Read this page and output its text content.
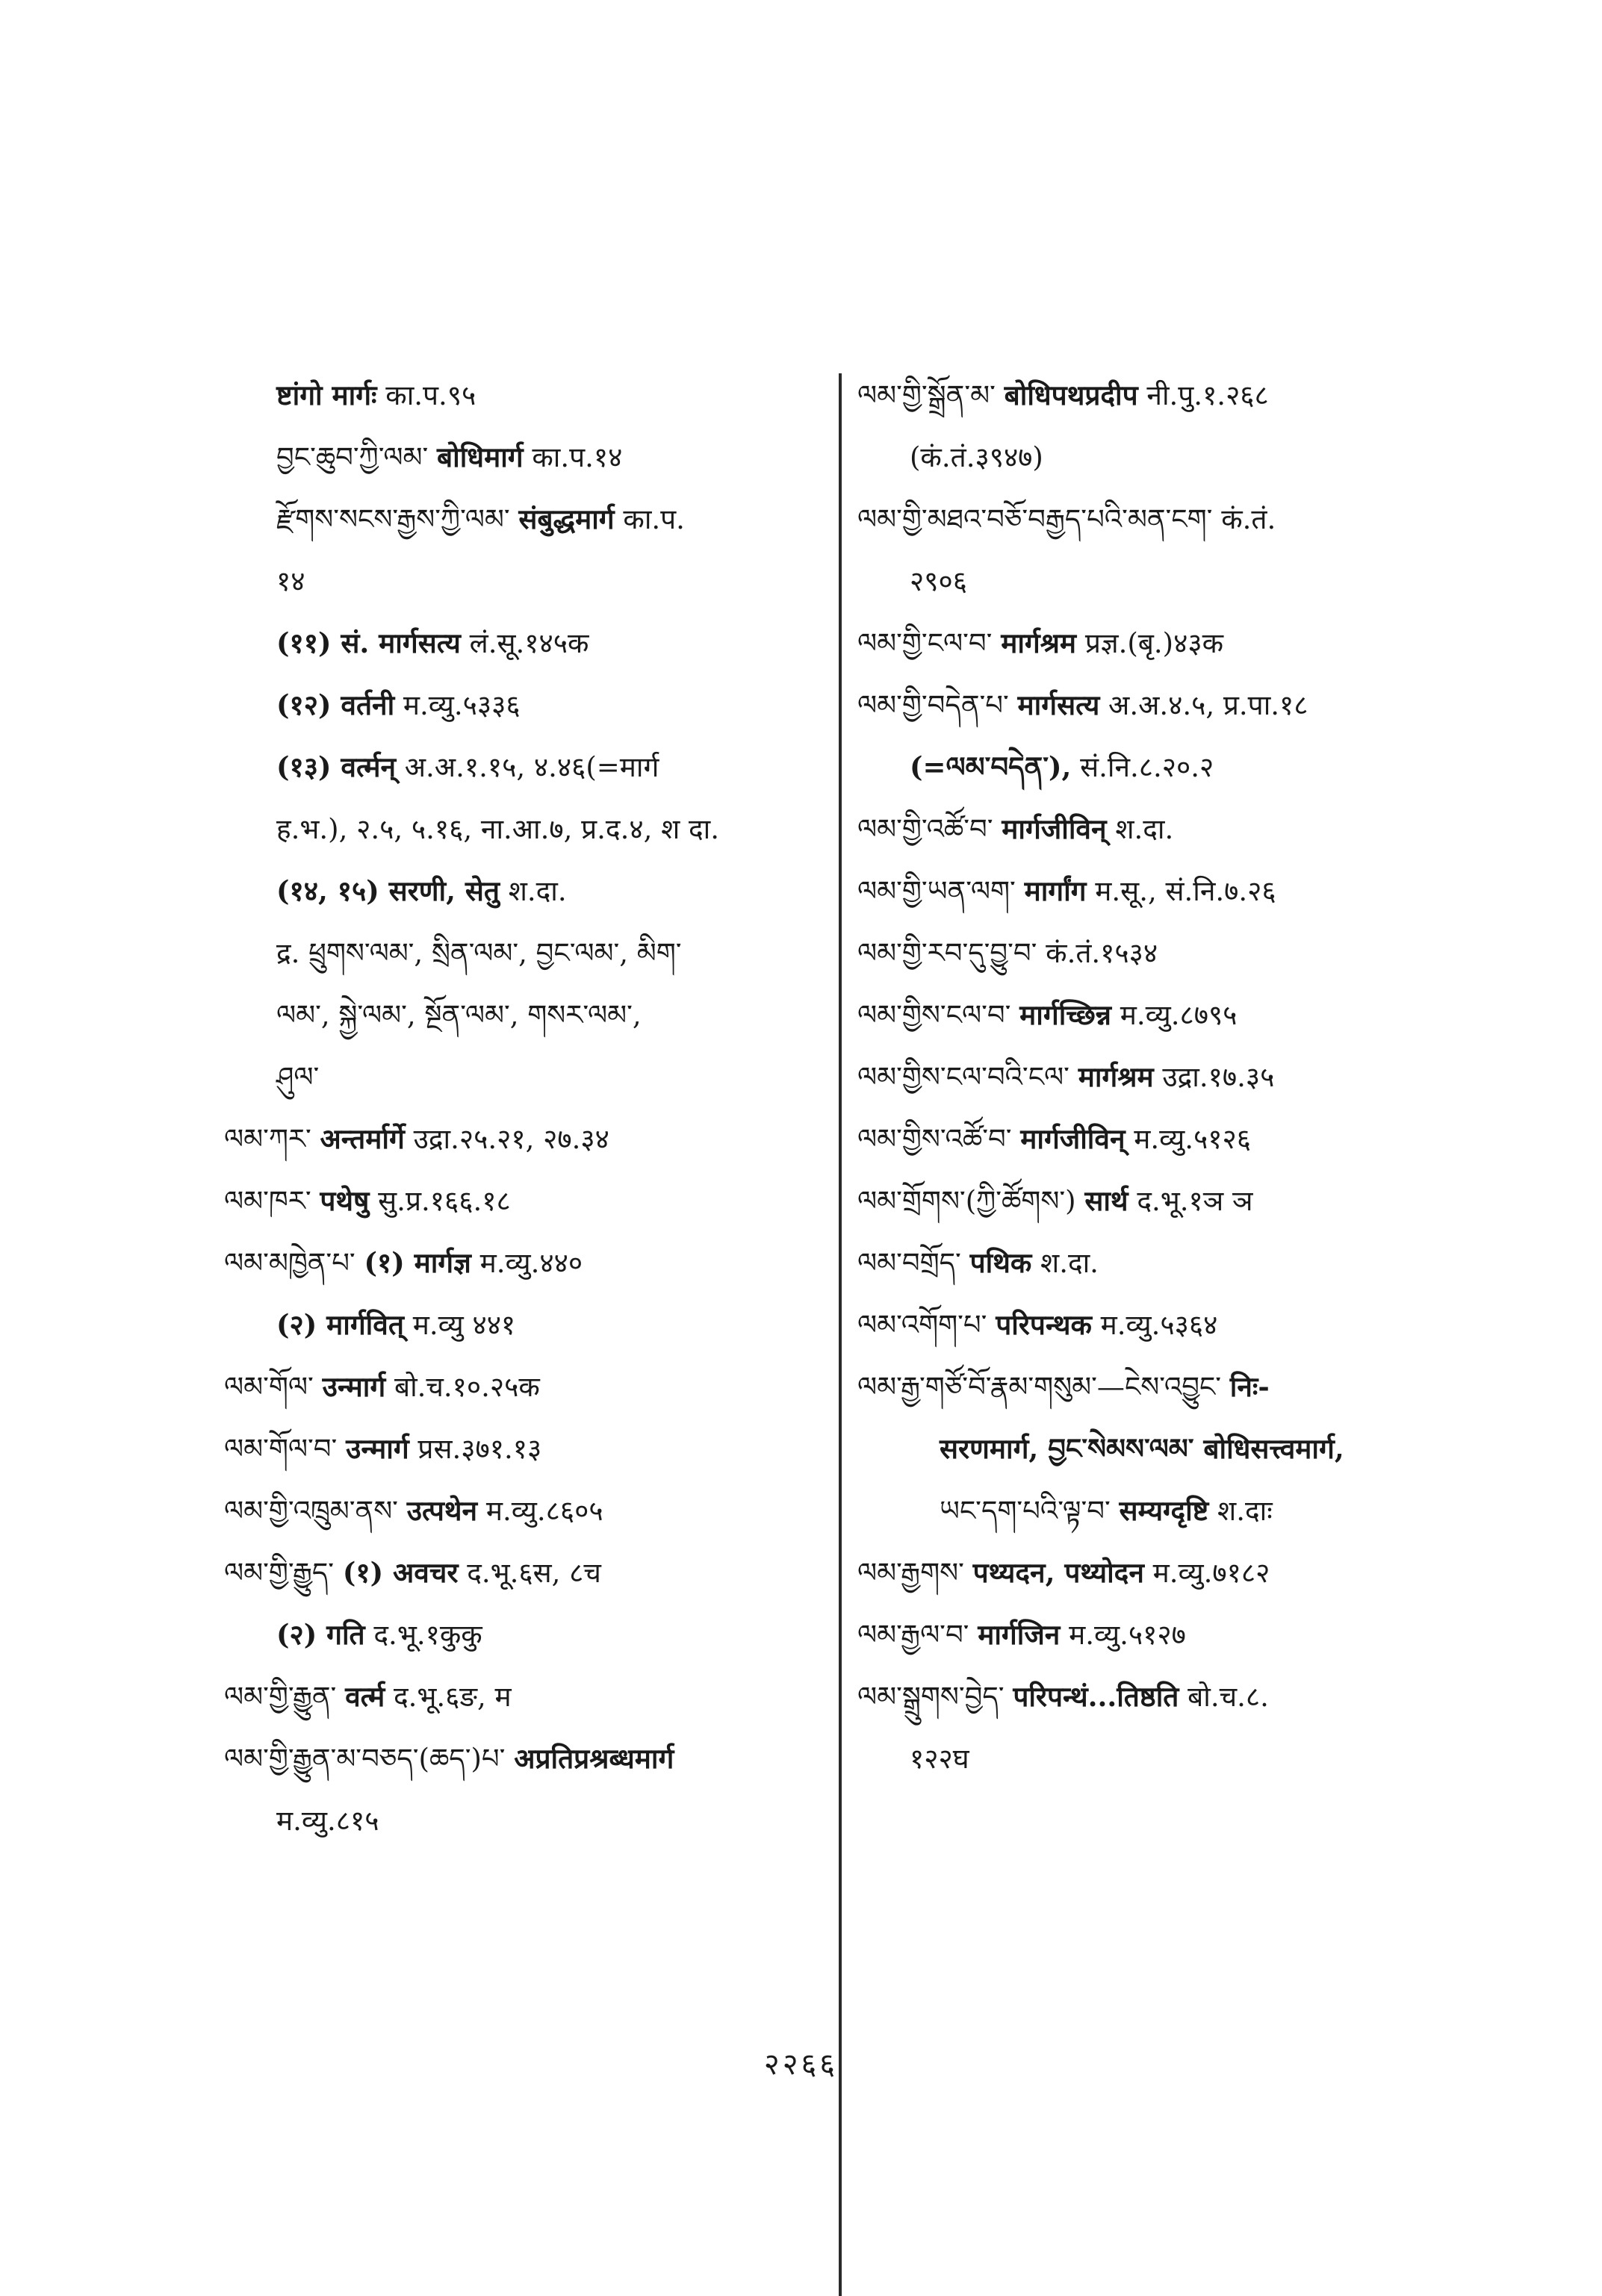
ष्टांगो मार्गः का.प.९५
བྱང་ཆུབ་ཀྱི་ལམ་ बोधिमार्ग का.प.१४
རྫོགས་སངས་རྒྱས་ཀྱི་ལམ་ संबुद्धमार्ग का.प.
१४
(११) सं. मार्गसत्य लं.सू.१४५क
(१२) वर्तनी म.व्यु.५३३६
(१३) वर्त्मन् अ.अ.१.१५, ४.४६(=मार्ग
ह.भ.), २.५, ५.१६, ना.आ.७, प्र.द.४, श दा.
(१४, १५) सरणी, सेतु श.दा.
द्र. ཕྲུགས་ལམ་, སྲིན་ལམ་, བྱང་ལམ་, མིག་
ལམ་, སྐྱེ་ལམ་, སྔོན་ལམ་, གསར་ལམ་,
ཤུལ་
ལམ་ཀར་ अन्तर्मार्गे उद्रा.२५.२१, २७.३४
ལམ་ཁར་ पथेषु सु.प्र.१६६.१८
ལམ་མཁྱེན་པ་ (१) मार्गज्ञ म.व्यु.४४०
(२) मार्गवित् म.व्यु ४४१
ལམ་གོལ་ उन्मार्ग बो.च.१०.२५क
ལམ་གོལ་བ་ उन्मार्ग प्रस.३७१.१३
ལམ་གྱི་འཁྲུམ་ནས་ उत्पथेन म.व्यु.८६०५
ལམ་གྱི་རྒྱུད་ (१) अवचर द.भू.६स, ८च
(२) गति द.भू.१कुकु
ལམ་གྱི་རྒྱུན་ वर्त्म द.भू.६ङ, म
ལམ་གྱི་རྒྱུན་མ་བཅད་(ཆད་)པ་ अप्रतिप्रश्रब्धमार्ग
म.व्यु.८१५
ལམ་གྱི་སྒྲོན་མ་ बोधिपथप्रदीप नी.पु.१.२६८
(कं.तं.३९४७)
ལམ་གྱི་མཐའ་བཅོ་བརྒྱད་པའི་མན་ངག་ कं.तं.
२९०६
ལམ་གྱི་ངལ་བ་ मार्गश्रम प्रज्ञ.(बृ.)४३क
ལམ་གྱི་བདེན་པ་ मार्गसत्य अ.अ.४.५, प्र.पा.१८
(=ལམ་བདེན་), सं.नि.८.२०.२
ལམ་གྱི་འཚོ་བ་ मार्गजीविन् श.दा.
ལམ་གྱི་ཡན་ལག་ मार्गांग म.सू., सं.नि.७.२६
ལམ་གྱི་རབ་དུ་བྱུ་བ་ कं.तं.१५३४
ལམ་གྱིས་ངལ་བ་ मार्गच्छिन्न म.व्यु.८७९५
ལམ་གྱིས་ངལ་བའི་ངལ་ मार्गश्रम उद्रा.१७.३५
ལམ་གྱིས་འཚོ་བ་ मार्गजीविन् म.व्यु.५१२६
ལམ་གྲོགས་(ཀྱི་ཚོགས་) सार्थ द.भू.१ञ ञ
ལམ་བགྲོད་ पथिक श.दा.
ལམ་འགོག་པ་ परिपन्थक म.व्यु.५३६४
ལམ་རྒྱ་གཙོ་བོ་རྣམ་གསུམ་—ངེས་འབྱུང་ निः-
सरणमार्ग, བྱང་སེམས་ལམ་ बोधिसत्त्वमार्ग,
ཡང་དག་པའི་ལྟ་བ་ सम्यग्दृष्टि श.दाः
ལམ་རྒྱགས་ पथ्यदन, पथ्योदन म.व्यु.७१८२
ལམ་རྒྱལ་བ་ मार्गजिन म.व्यु.५१२७
ལམ་སྒྲུགས་བྱེད་ परिपन्थं...तिष्ठति बो.च.८.
१२२घ
२२६६
